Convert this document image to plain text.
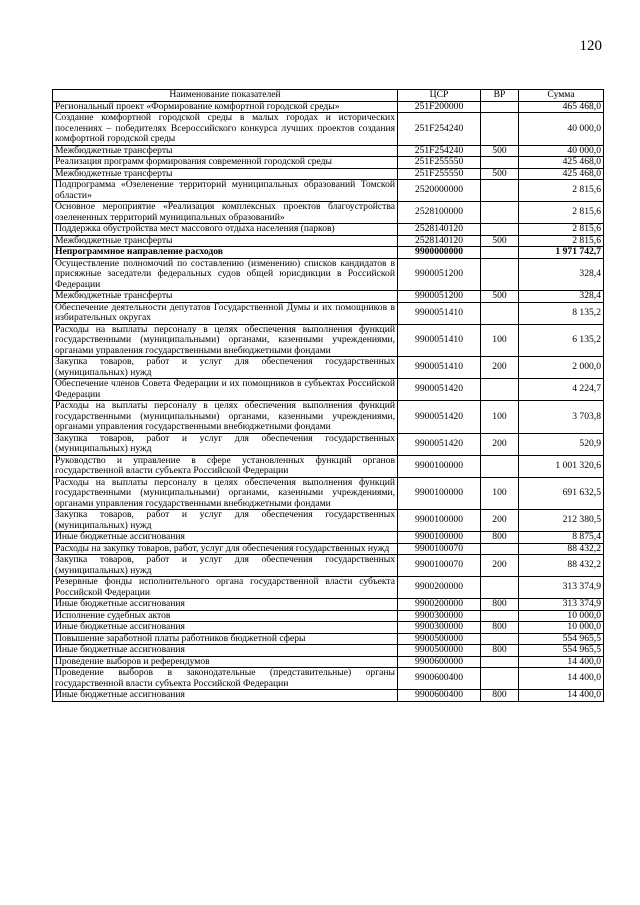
120
Наименование показателей	ЦСР	ВР	Сумма
Региональный проект «Формирование комфортной городской среды»	251F200000		465 468,0
Создание комфортной городской среды в малых городах и исторических поселениях – победителях Всероссийского конкурса лучших проектов создания комфортной городской среды	251F254240		40 000,0
Межбюджетные трансферты	251F254240	500	40 000,0
Реализация программ формирования современной городской среды	251F255550		425 468,0
Межбюджетные трансферты	251F255550	500	425 468,0
Подпрограмма «Озеленение территорий муниципальных образований Томской области»	2520000000		2 815,6
Основное мероприятие «Реализация комплексных проектов благоустройства озелененных территорий муниципальных образований»	2528100000		2 815,6
Поддержка обустройства мест массового отдыха населения (парков)	2528140120		2 815,6
Межбюджетные трансферты	2528140120	500	2 815,6
Непрограммное направление расходов	9900000000		1 971 742,7
Осуществление полномочий по составлению (изменению) списков кандидатов в присяжные заседатели федеральных судов общей юрисдикции в Российской Федерации	9900051200		328,4
Межбюджетные трансферты	9900051200	500	328,4
Обеспечение деятельности депутатов Государственной Думы и их помощников в избирательных округах	9900051410		8 135,2
Расходы на выплаты персоналу в целях обеспечения выполнения функций государственными (муниципальными) органами, казенными учреждениями, органами управления государственными внебюджетными фондами	9900051410	100	6 135,2
Закупка товаров, работ и услуг для обеспечения государственных (муниципальных) нужд	9900051410	200	2 000,0
Обеспечение членов Совета Федерации и их помощников в субъектах Российской Федерации	9900051420		4 224,7
Расходы на выплаты персоналу в целях обеспечения выполнения функций государственными (муниципальными) органами, казенными учреждениями, органами управления государственными внебюджетными фондами	9900051420	100	3 703,8
Закупка товаров, работ и услуг для обеспечения государственных (муниципальных) нужд	9900051420	200	520,9
Руководство и управление в сфере установленных функций органов государственной власти субъекта Российской Федерации	9900100000		1 001 320,6
Расходы на выплаты персоналу в целях обеспечения выполнения функций государственными (муниципальными) органами, казенными учреждениями, органами управления государственными внебюджетными фондами	9900100000	100	691 632,5
Закупка товаров, работ и услуг для обеспечения государственных (муниципальных) нужд	9900100000	200	212 380,5
Иные бюджетные ассигнования	9900100000	800	8 875,4
Расходы на закупку товаров, работ, услуг для обеспечения государственных нужд	9900100070		88 432,2
Закупка товаров, работ и услуг для обеспечения государственных (муниципальных) нужд	9900100070	200	88 432,2
Резервные фонды исполнительного органа государственной власти субъекта Российской Федерации	9900200000		313 374,9
Иные бюджетные ассигнования	9900200000	800	313 374,9
Исполнение судебных актов	9900300000		10 000,0
Иные бюджетные ассигнования	9900300000	800	10 000,0
Повышение заработной платы работников бюджетной сферы	9900500000		554 965,5
Иные бюджетные ассигнования	9900500000	800	554 965,5
Проведение выборов и референдумов	9900600000		14 400,0
Проведение выборов в законодательные (представительные) органы государственной власти субъекта Российской Федерации	9900600400		14 400,0
Иные бюджетные ассигнования	9900600400	800	14 400,0
